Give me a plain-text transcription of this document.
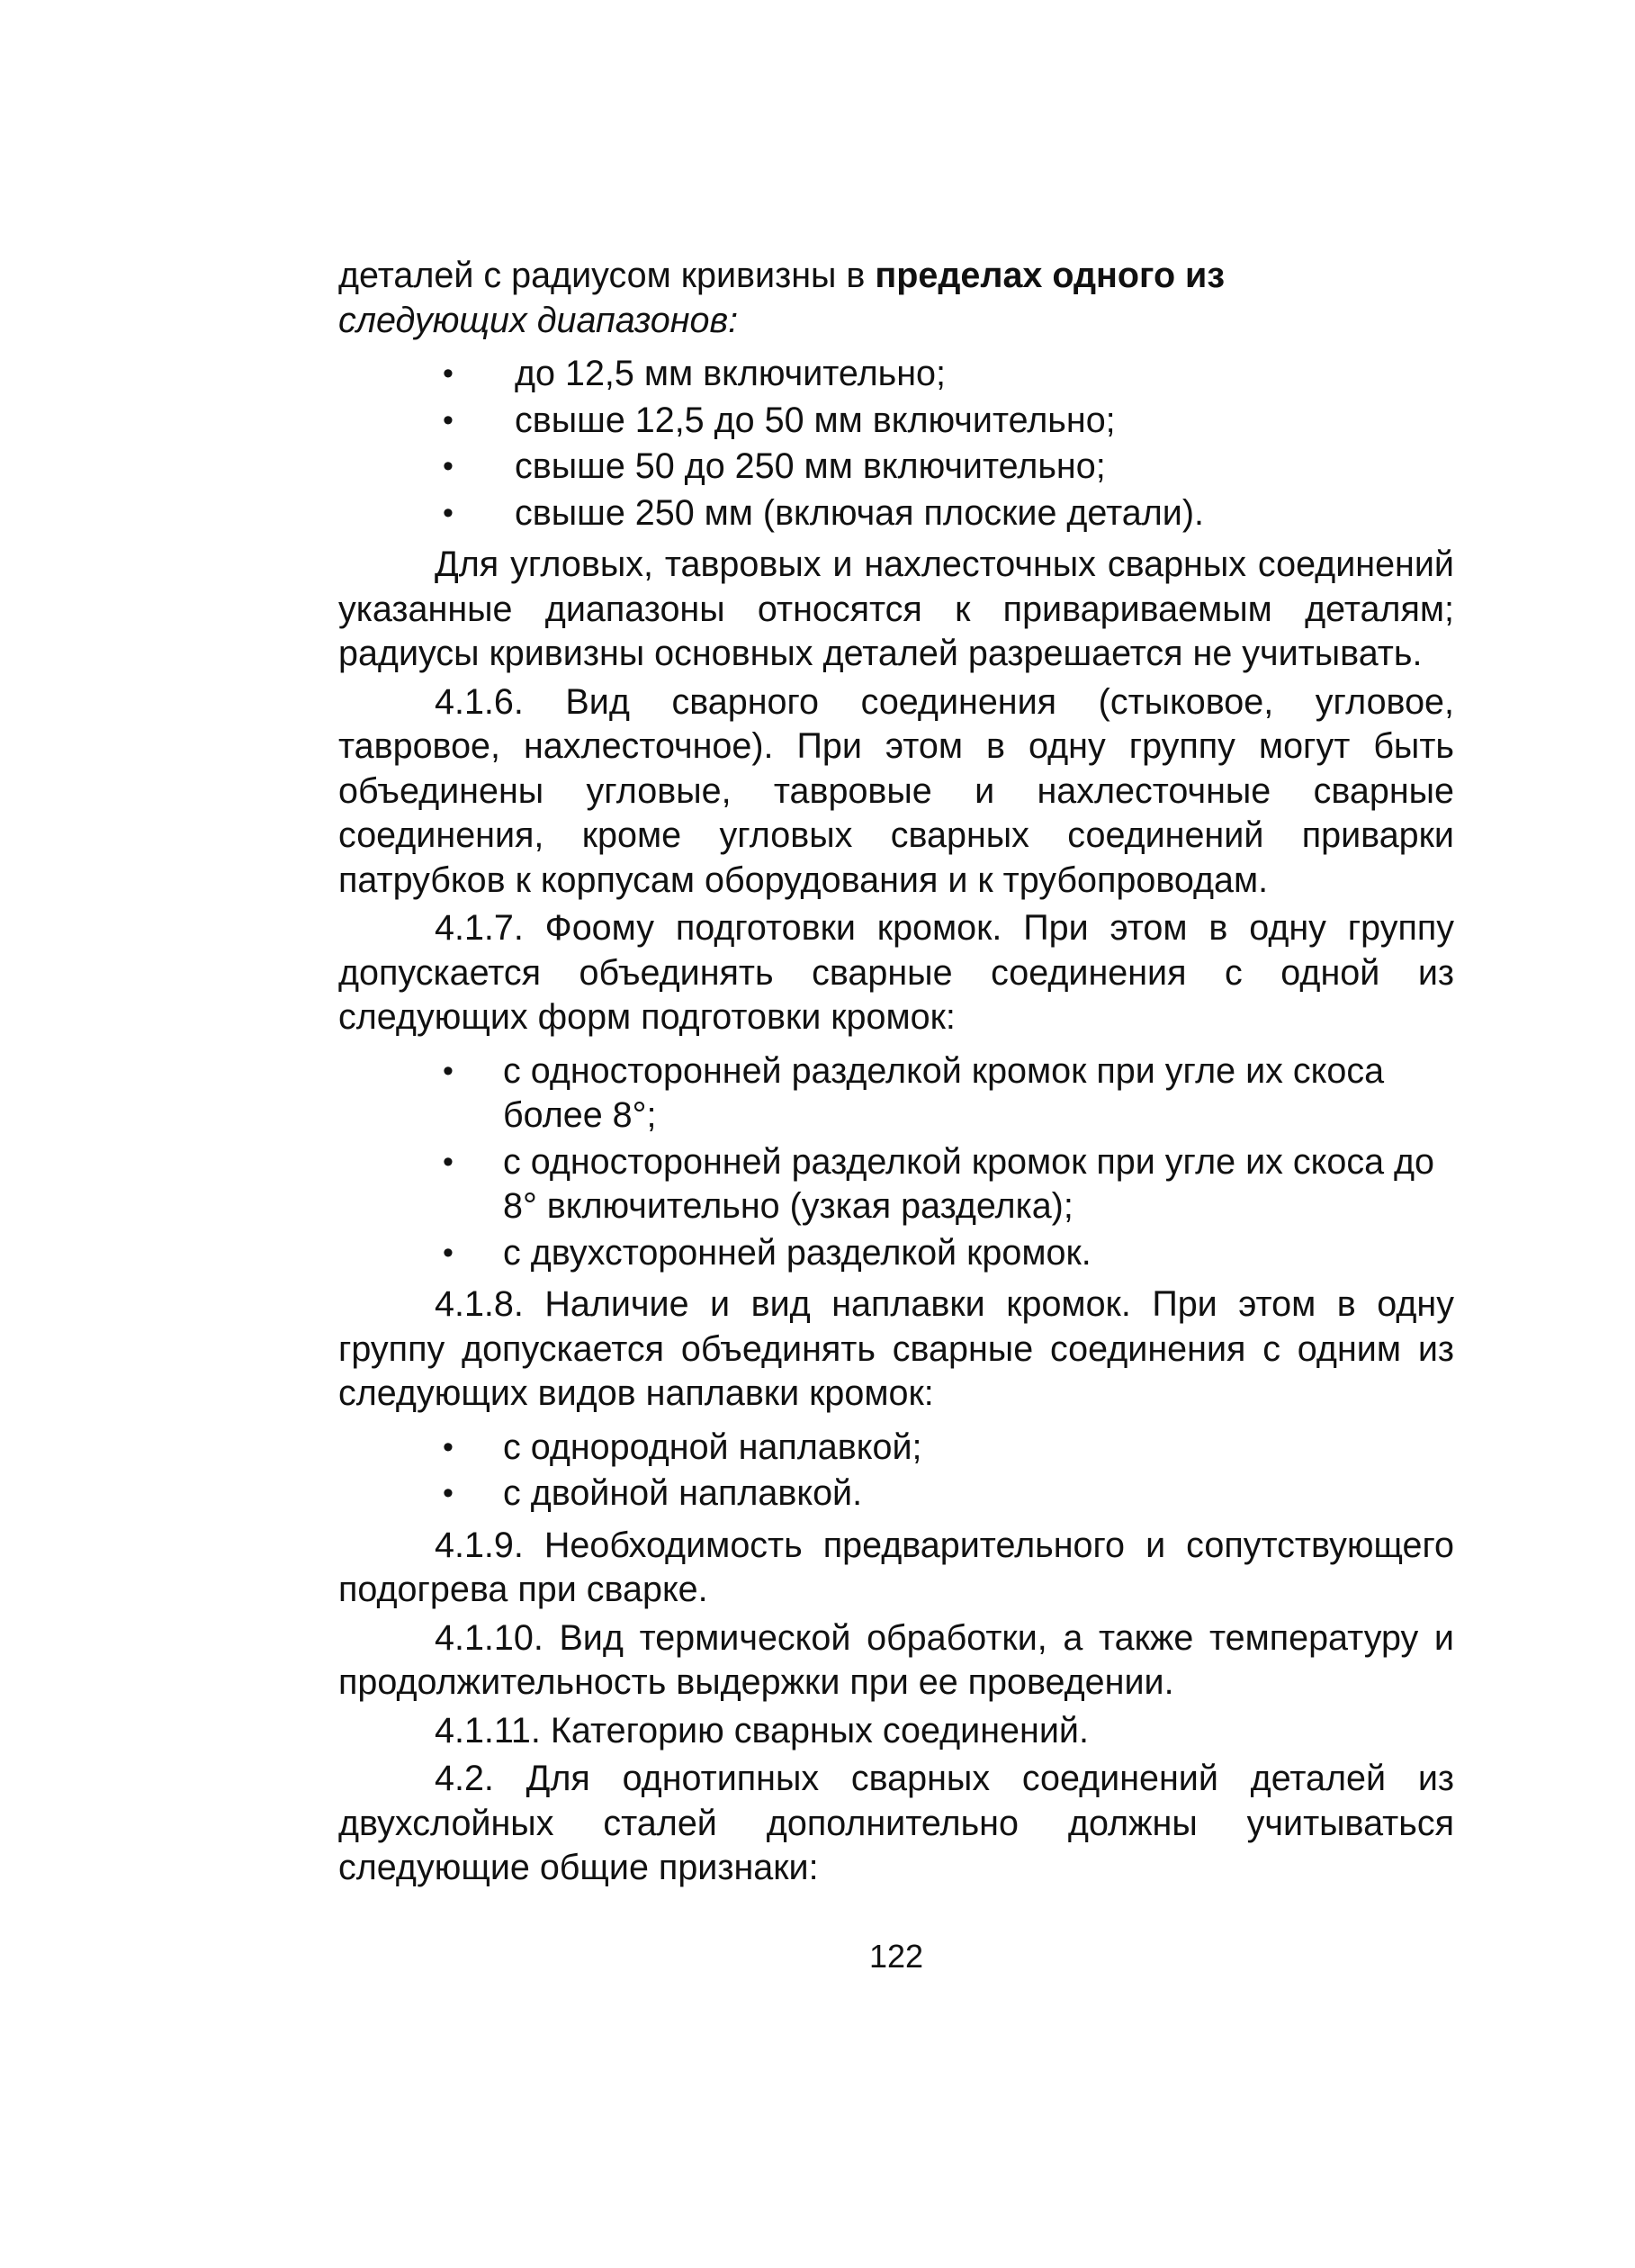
деталей с радиусом кривизны в пределах одного из
следующих диапазонов:

• до 12,5 мм включительно;
• свыше 12,5 до 50 мм включительно;
• свыше 50 до 250 мм включительно;
• свыше 250 мм (включая плоские детали).

Для угловых, тавровых и нахлесточных сварных соединений указанные диапазоны относятся к привариваемым деталям; радиусы кривизны основных деталей разрешается не учитывать.

4.1.6. Вид сварного соединения (стыковое, угловое, тавровое, нахлесточное). При этом в одну группу могут быть объединены угловые, тавровые и нахлесточные сварные соединения, кроме угловых сварных соединений приварки патрубков к корпусам оборудования и к трубопроводам.

4.1.7. Фоому подготовки кромок. При этом в одну группу допускается объединять сварные соединения с одной из следующих форм подготовки кромок:

• с односторонней разделкой кромок при угле их скоса более 8°;
• с односторонней разделкой кромок при угле их скоса до 8° включительно (узкая разделка);
• с двухсторонней разделкой кромок.

4.1.8. Наличие и вид наплавки кромок. При этом в одну группу допускается объединять сварные соединения с одним из следующих видов наплавки кромок:

• с однородной наплавкой;
• с двойной наплавкой.

4.1.9. Необходимость предварительного и сопутствующего подогрева при сварке.

4.1.10. Вид термической обработки, а также температуру и продолжительность выдержки при ее проведении.

4.1.11. Категорию сварных соединений.

4.2. Для однотипных сварных соединений деталей из двухслойных сталей дополнительно должны учитываться следующие общие признаки:

122
